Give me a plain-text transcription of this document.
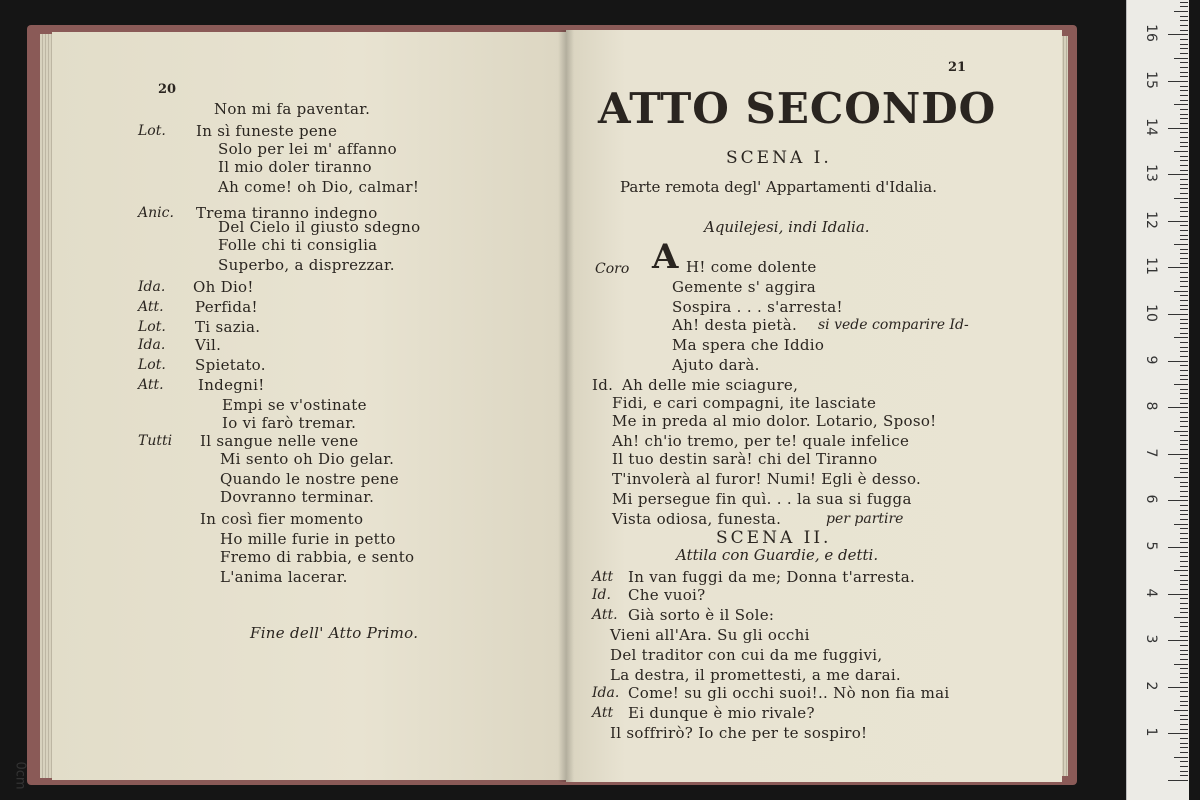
20
Non mi fa paventar.
Lot. In sì funeste pene
Solo per lei m' affanno
Il mio doler tiranno
Ah come! oh Dio, calmar!
Anic. Trema tiranno indegno
Del Cielo il giusto sdegno
Folle chi ti consiglia
Superbo, a disprezzar.
Ida. Oh Dio!
Att. Perfida!
Lot. Ti sazia.
Ida. Vil.
Lot. Spietato.
Att. Indegni!
Empi se v'ostinate
Io vi farò tremar.
Tutti Il sangue nelle vene
Mi sento oh Dio gelar.
Quando le nostre pene
Dovranno terminar.
In così fier momento
Ho mille furie in petto
Fremo di rabbia, e sento
L'anima lacerar.
Fine dell' Atto Primo.
21
ATTO SECONDO
SCENA I.
Parte remota degl' Appartamenti d'Idalia.
Aquilejesi, indi Idalia.
Coro A H! come dolente
Gemente s' aggira
Sospira . . . s'arresta!
Ah! desta pietà.
Ma spera che Iddio
Ajuto darà.
si vede comparire Id-
Id. Ah delle mie sciagure,
Fidi, e cari compagni, ite lasciate
Me in preda al mio dolor. Lotario, Sposo!
Ah! ch'io tremo, per te! quale infelice
Il tuo destin sarà! chi del Tiranno
T'involerà al furor! Numi! Egli è desso.
Mi persegue fin quì. . . la sua si fugga
Vista odiosa, funesta.	per partire
SCENA II.
Attila con Guardie, e detti.
Att In van fuggi da me; Donna t'arresta.
Id. Che vuoi?
Att. Già sorto è il Sole:
Vieni all'Ara. Su gli occhi
Del traditor con cui da me fuggivi,
La destra, il promettesti, a me darai.
Ida. Come! su gli occhi suoi!.. Nò non fia mai
Att Ei dunque è mio rivale?
Il soffrirò? Io che per te sospiro!	1
2
3
4
5
6
7
8
9
10
11
12
13
14
15
16
0cm
